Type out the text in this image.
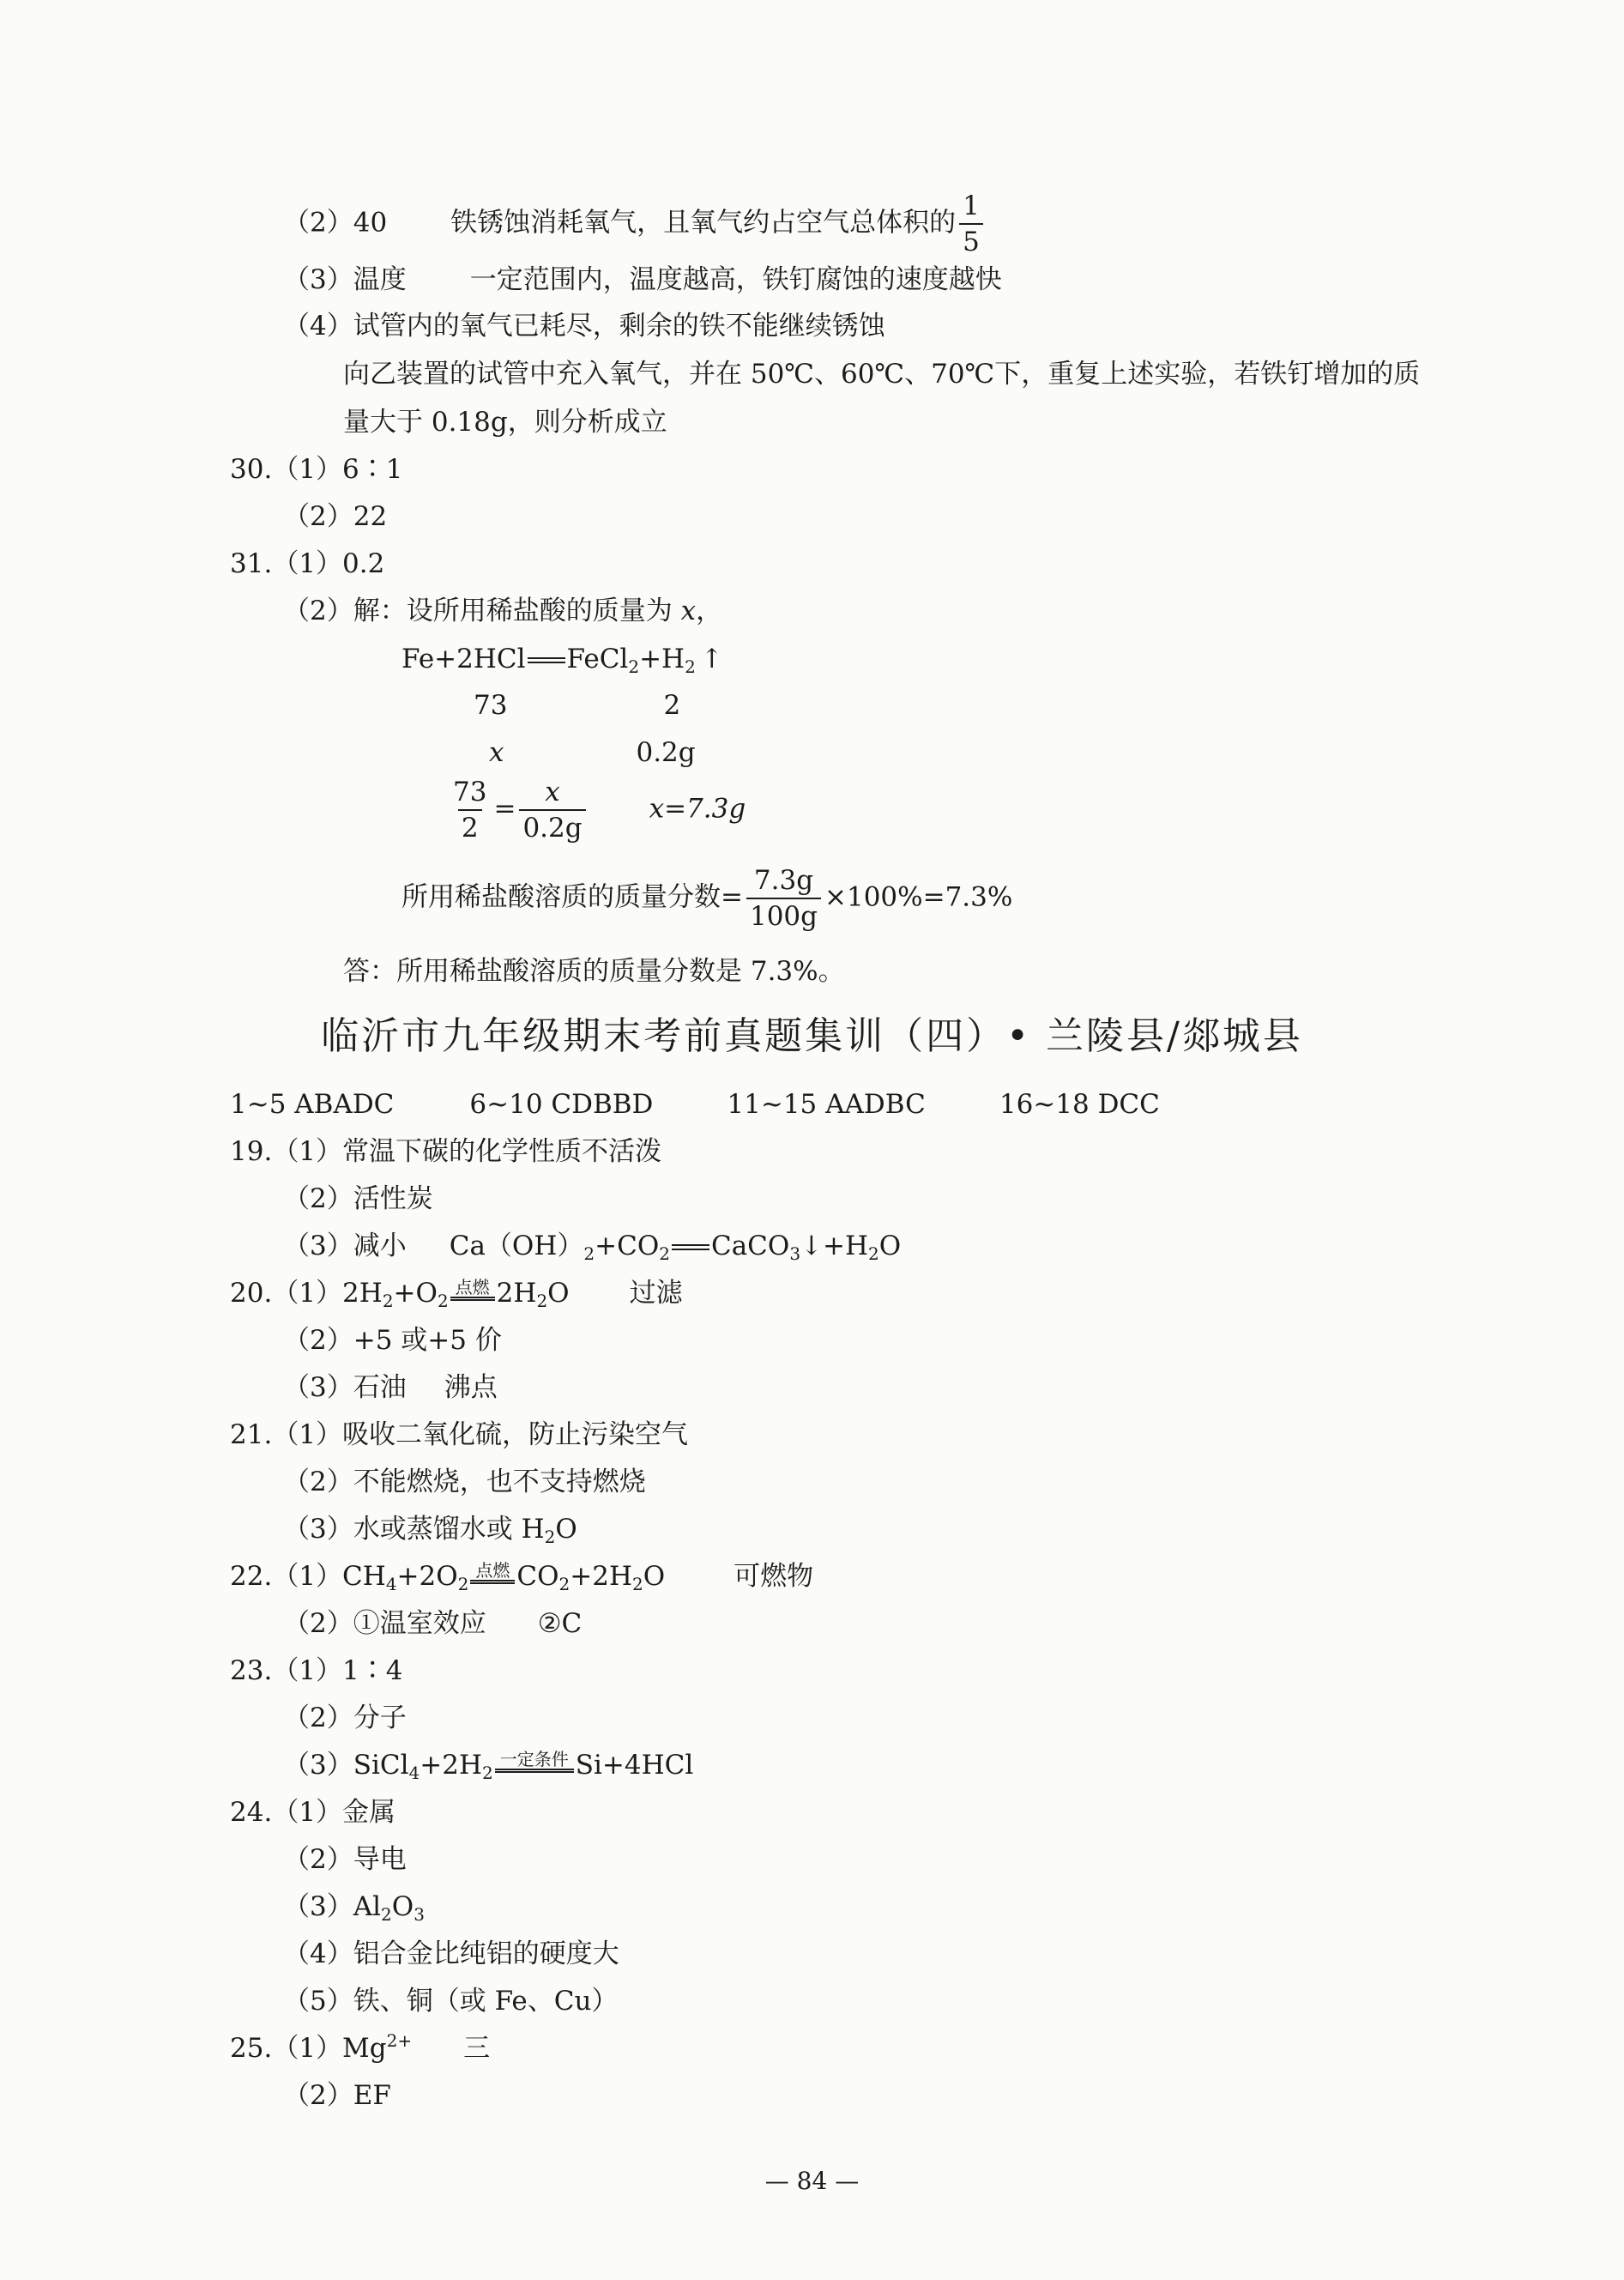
（2）40 铁锈蚀消耗氧气，且氧气约占空气总体积的 $\frac{1}{5}$
（3）温度 一定范围内，温度越高，铁钉腐蚀的速度越快
（4）试管内的氧气已耗尽，剩余的铁不能继续锈蚀
向乙装置的试管中充入氧气，并在 50℃、60℃、70℃下，重复上述实验，若铁钉增加的质
量大于 0.18g，则分析成立
30.（1）6∶1
（2）22
31.（1）0.2
（2）解：设所用稀盐酸的质量为 x，
Fe+2HCl $FeCl_2+H_2$ ↑
73	2
x	0.2g
$\frac{73}{2} = \frac{x}{0.2g} x=7.3g$
所用稀盐酸溶质的质量分数= $\frac{7.3g}{100g} \times 100\%=7.3\%$
答：所用稀盐酸溶质的质量分数是 7.3%。
临沂市九年级期末考前真题集训（四）• 兰陵县/郯城县
1~5 ABADC	6~10 CDBBD	11~15 AADBC	16~18 DCC
19.（1）常温下碳的化学性质不活泼
（2）活性炭
（3）减小 $Ca(OH)_2+CO_2$ $CaCO_3↓+H_2O$
$20.(1)2H_2+O_2$
点燃 $2H_2O$ 过滤
（2）+5 或+5 价
（3）石油 沸点
21.（1）吸收二氧化硫，防止污染空气
（2）不能燃烧，也不支持燃烧
（3）水或蒸馏水或 $H_2O$
$22.(1)CH_4+2O_2$
点燃 $CO_2+2H_2O$	可燃物
（2）①温室效应 ②C
23.（1）1∶4
（2）分子
$(3)SiCl_4+2H_2$
一定条件 Si+4HCl
24.（1）金属
（2）导电
$(3)Al_2O_3$
（4）铝合金比纯铝的硬度大
（5）铁、铜（或 Fe、Cu）
$25.(1)Mg^{2+}$ 三
（2）EF
— 84 —
